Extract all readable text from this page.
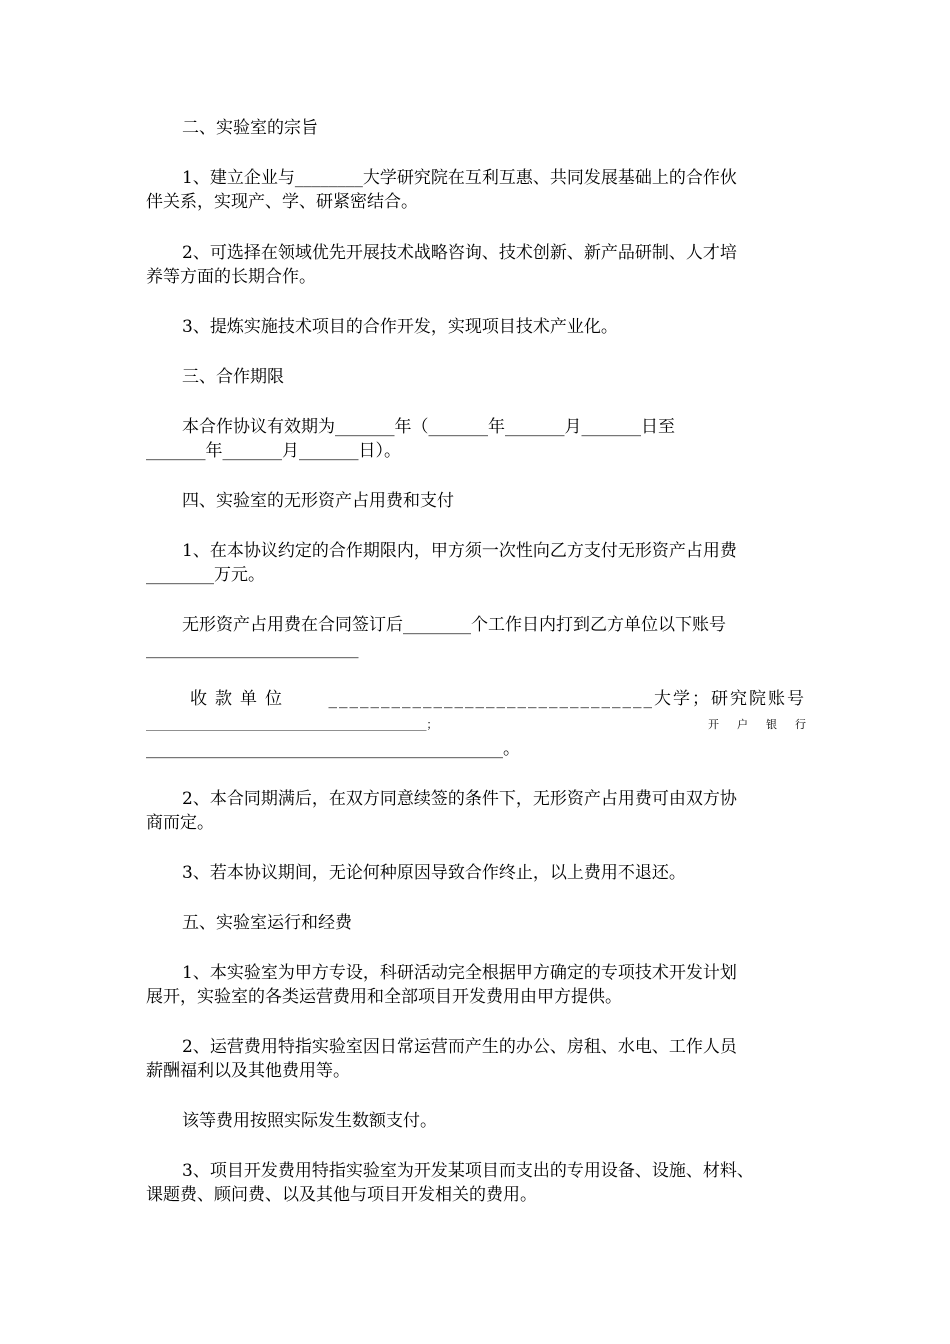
二、实验室的宗旨

1、建立企业与________大学研究院在互利互惠、共同发展基础上的合作伙

伴关系，实现产、学、研紧密结合。

2、可选择在领域优先开展技术战略咨询、技术创新、新产品研制、人才培

养等方面的长期合作。

3、提炼实施技术项目的合作开发，实现项目技术产业化。

三、合作期限

本合作协议有效期为_______年（_______年_______月_______日至

_______年_______月_______日）。

四、实验室的无形资产占用费和支付

1、在本协议约定的合作期限内，甲方须一次性向乙方支付无形资产占用费

________万元。

无形资产占用费在合同签订后________个工作日内打到乙方单位以下账号

_________________________

收款单位 _______________________________大学；研究院账号
___________________________________________________；	开户银行

__________________________________________。

2、本合同期满后，在双方同意续签的条件下，无形资产占用费可由双方协

商而定。

3、若本协议期间，无论何种原因导致合作终止，以上费用不退还。

五、实验室运行和经费

1、本实验室为甲方专设，科研活动完全根据甲方确定的专项技术开发计划

展开，实验室的各类运营费用和全部项目开发费用由甲方提供。

2、运营费用特指实验室因日常运营而产生的办公、房租、水电、工作人员

薪酬福利以及其他费用等。

该等费用按照实际发生数额支付。

3、项目开发费用特指实验室为开发某项目而支出的专用设备、设施、材料、

课题费、顾问费、以及其他与项目开发相关的费用。
